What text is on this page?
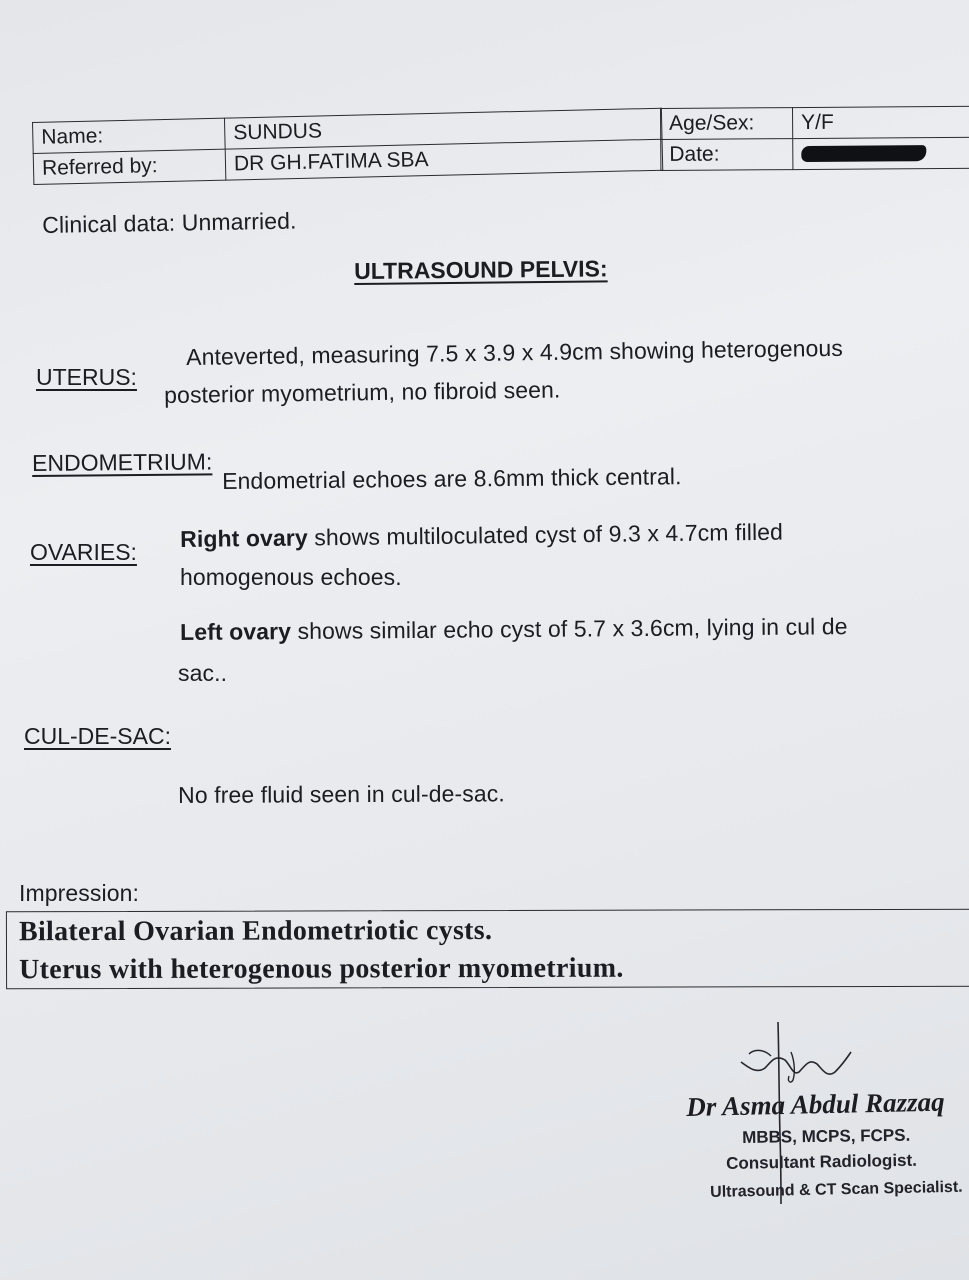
Name:	SUNDUS
Referred by:	DR GH.FATIMA SBA
Age/Sex:	Y/F
Date:	
Clinical data: Unmarried.
ULTRASOUND PELVIS:
UTERUS:
Anteverted, measuring 7.5 x 3.9 x 4.9cm showing heterogenous
posterior myometrium, no fibroid seen.
ENDOMETRIUM:
Endometrial echoes are 8.6mm thick central.
OVARIES:
Right ovary shows multiloculated cyst of 9.3 x 4.7cm filled
homogenous echoes.
Left ovary shows similar echo cyst of 5.7 x 3.6cm, lying in cul de
sac..
CUL-DE-SAC:
No free fluid seen in cul-de-sac.
Impression:
Bilateral Ovarian Endometriotic cysts.
Uterus with heterogenous posterior myometrium.
Dr Asma Abdul Razzaq
MBBS, MCPS, FCPS.
Consultant Radiologist.
Ultrasound & CT Scan Specialist.
